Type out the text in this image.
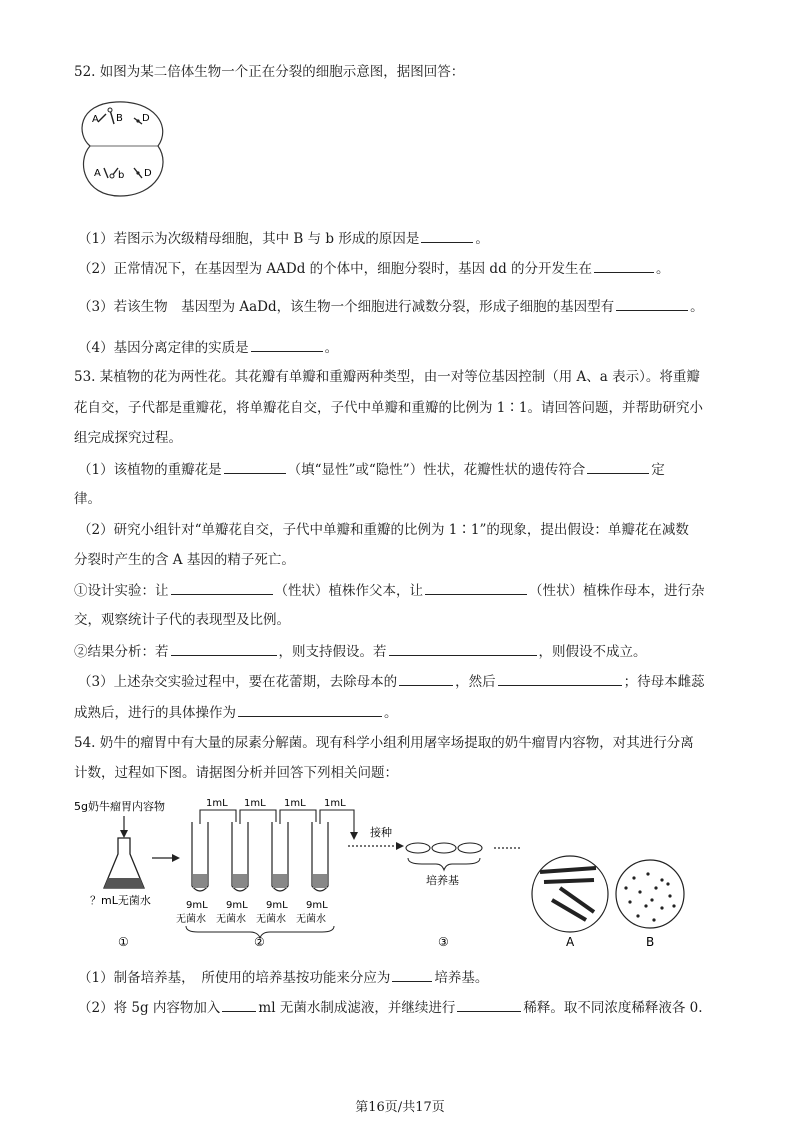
52. 如图为某二倍体生物一个正在分裂的细胞示意图，据图回答：
A B D
A b D
（1）若图示为次级精母细胞，其中 B 与 b 形成的原因是	。
（2）正常情况下，在基因型为 AADd 的个体中，细胞分裂时，基因 dd 的分开发生在	。
（3）若该生物　基因型为 AaDd，该生物一个细胞进行减数分裂，形成子细胞的基因型有	。
（4）基因分离定律的实质是	。
53. 某植物的花为两性花。其花瓣有单瓣和重瓣两种类型，由一对等位基因控制（用 A、a 表示）。将重瓣
花自交，子代都是重瓣花，将单瓣花自交，子代中单瓣和重瓣的比例为 1∶1。请回答问题，并帮助研究小
组完成探究过程。
（1）该植物的重瓣花是	（填“显性”或“隐性”）性状，花瓣性状的遗传符合	定
律。
（2）研究小组针对“单瓣花自交，子代中单瓣和重瓣的比例为 1∶1”的现象，提出假设：单瓣花在减数
分裂时产生的含 A 基因的精子死亡。
①设计实验：让	（性状）植株作父本，让	（性状）植株作母本，进行杂
交，观察统计子代的表现型及比例。
②结果分析：若	，则支持假设。若	，则假设不成立。
（3）上述杂交实验过程中，要在花蕾期，去除母本的	，然后	；待母本雌蕊
成熟后，进行的具体操作为	。
54. 奶牛的瘤胃中有大量的尿素分解菌。现有科学小组利用屠宰场提取的奶牛瘤胃内容物，对其进行分离
计数，过程如下图。请据图分析并回答下列相关问题：
5g奶牛瘤胃内容物
？mL无菌水
1mL 1mL 1mL 1mL
9mL 9mL 9mL 9mL
无菌水 无菌水 无菌水 无菌水
接种
培养基
①	②	③	A	B
（1）制备培养基，　所使用的培养基按功能来分应为	培养基。
（2）将 5g 内容物加入	ml 无菌水制成滤液，并继续进行	稀释。取不同浓度稀释液各 0.
第16页/共17页
